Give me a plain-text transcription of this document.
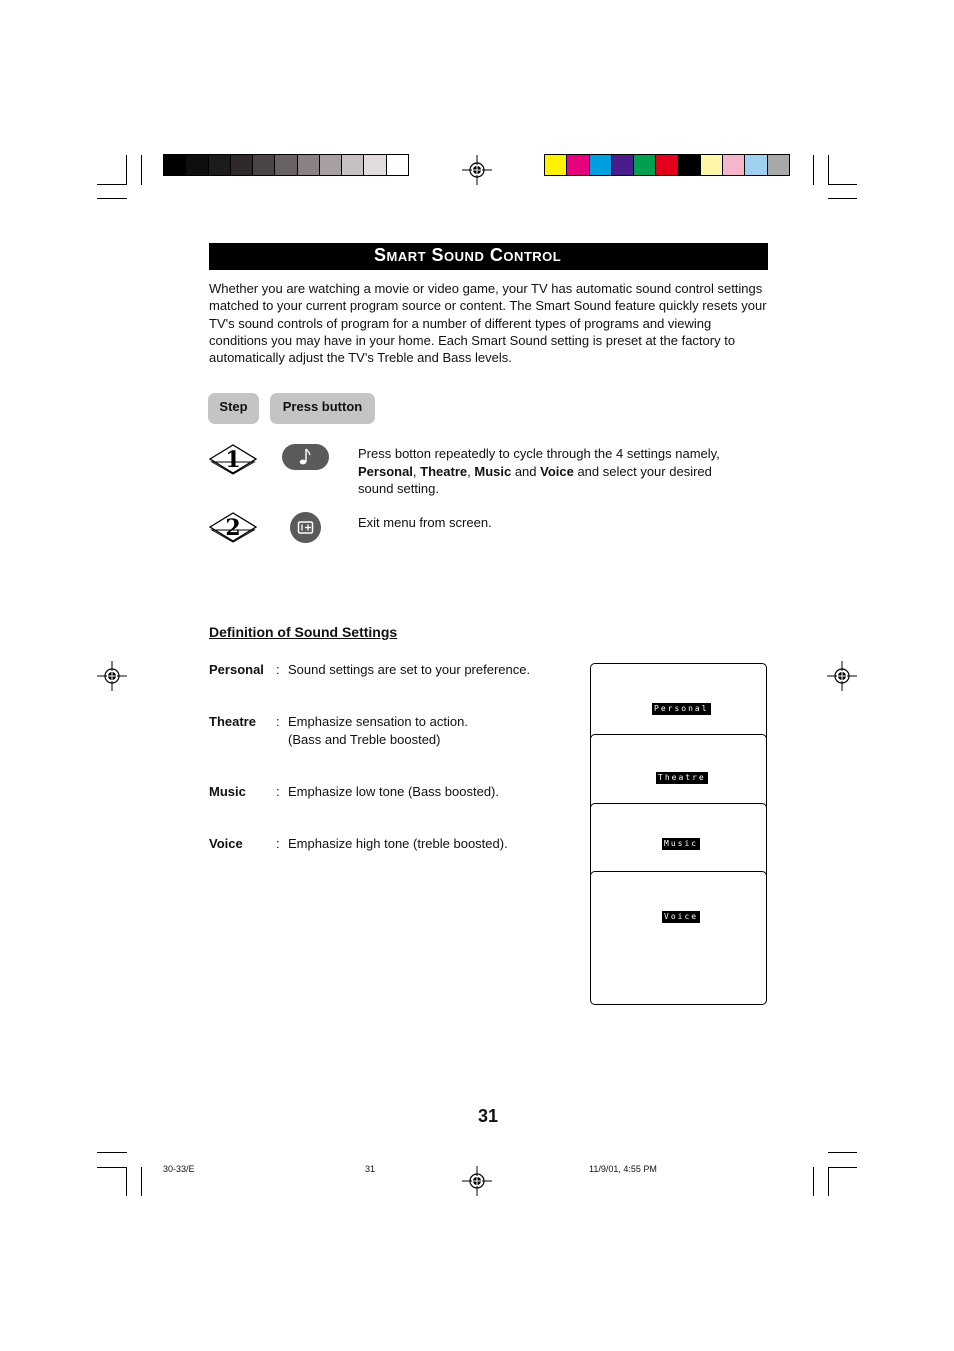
Smart Sound Control
Whether you are watching a movie or video game, your TV has automatic sound control settings matched to your current program source or content. The Smart Sound feature quickly resets your TV's sound controls of program for a number of different types of programs and viewing conditions you may have in your home. Each Smart Sound setting is preset at the factory to automatically adjust the TV's Treble and Bass levels.
Step	Press button
1	Press botton repeatedly to cycle through the 4 settings namely, Personal, Theatre, Music and Voice and select your desired sound setting.
2	Exit menu from screen.
Definition of Sound Settings
Personal : Sound settings are set to your preference.
Theatre : Emphasize sensation to action.
(Bass and Treble boosted)
Music : Emphasize low tone (Bass boosted).
Voice	: Emphasize high tone (treble boosted).
Personal
Theatre
Music
Voice
31
30-33/E	31	11/9/01, 4:55 PM
